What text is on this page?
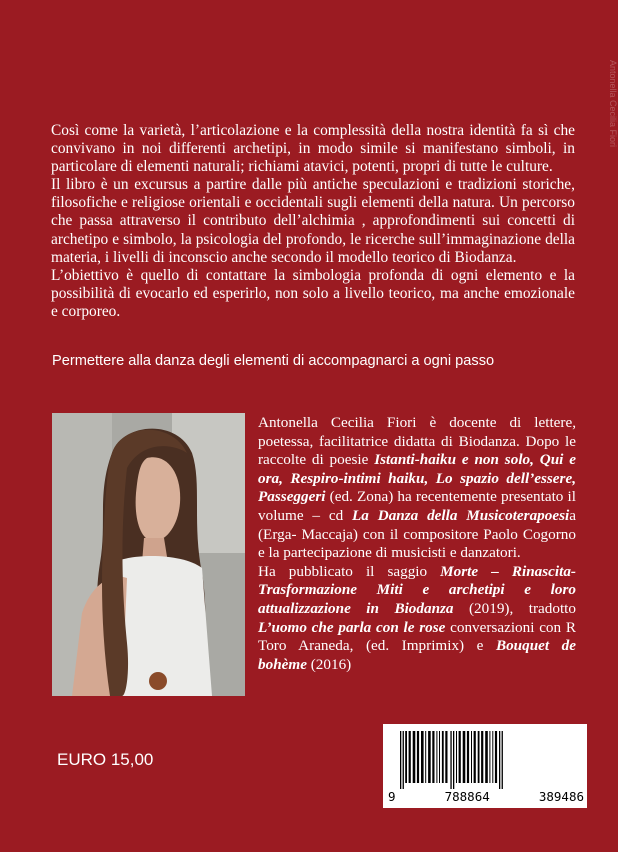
Antonella Cecilia Fiori

Così come la varietà, l’articolazione e la complessità della nostra identità fa sì che convivano in noi differenti archetipi, in modo simile si manifestano simboli, in particolare di elementi naturali; richiami atavici, potenti, propri di tutte le culture.

Il libro è un excursus a partire dalle più antiche speculazioni e tradizioni storiche, filosofiche e religiose orientali e occidentali sugli elementi della natura. Un percorso che passa attraverso il contributo dell’alchimia , approfondimenti sui concetti di archetipo e simbolo, la psicologia del profondo, le ricerche sull’immaginazione della materia, i livelli di inconscio anche secondo il modello teorico di Biodanza.

L’obiettivo è quello di contattare la simbologia profonda di ogni elemento e la possibilità di evocarlo ed esperirlo, non solo a livello teorico, ma anche emozionale e corporeo.

Permettere alla danza degli elementi di accompagnarci a ogni passo

Antonella Cecilia Fiori è docente di lettere, poetessa, facilitatrice didatta di Biodanza. Dopo le raccolte di poesie Istanti-haiku e non solo, Qui e ora, Respiro-intimi haiku, Lo spazio dell’essere, Passeggeri (ed. Zona) ha recentemente presentato il volume – cd La Danza della Musicoterapoesia (Erga- Maccaja) con il compositore Paolo Cogorno e la partecipazione di musicisti e danzatori.

Ha pubblicato il saggio Morte – Rinascita-Trasformazione Miti e archetipi e loro attualizzazione in Biodanza (2019), tradotto L’uomo che parla con le rose conversazioni con R Toro Araneda, (ed. Imprimix) e Bouquet de bohème (2016)

EURO 15,00
9	788864	389486
